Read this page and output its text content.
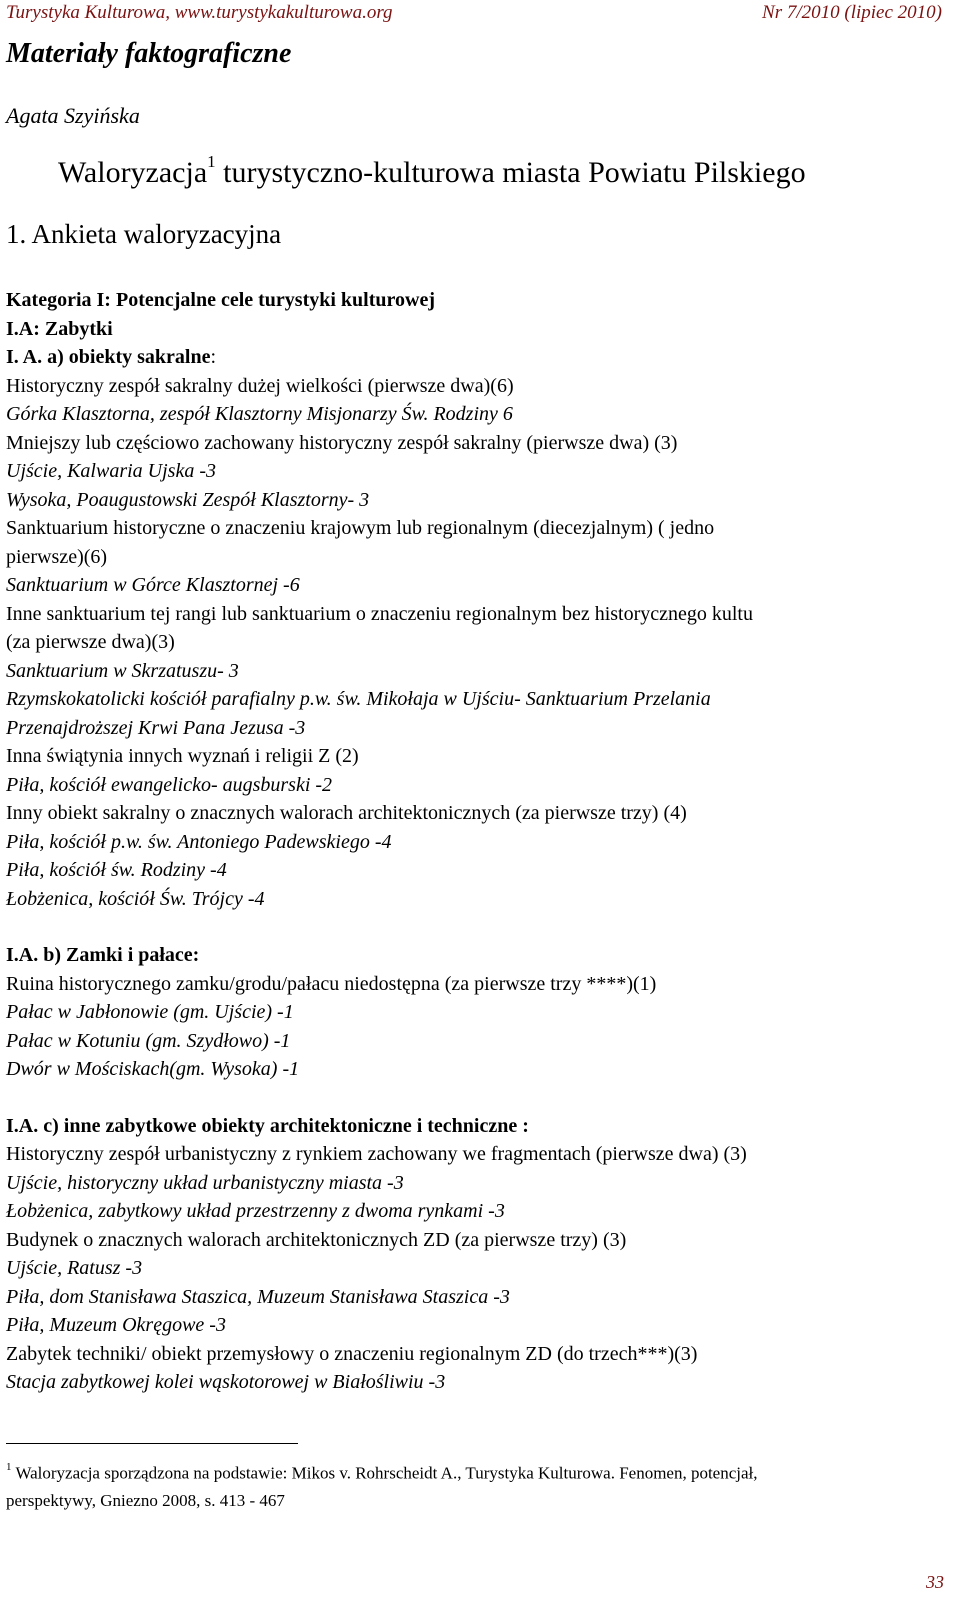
Turystyka Kulturowa, www.turystykakulturowa.org	Nr 7/2010 (lipiec 2010)
Materiały faktograficzne
Agata Szyińska
Waloryzacja$^1$ turystyczno-kulturowa miasta Powiatu Pilskiego
1. Ankieta waloryzacyjna
Kategoria I: Potencjalne cele turystyki kulturowej
I.A: Zabytki
I. A. a) obiekty sakralne:
Historyczny zespół sakralny dużej wielkości (pierwsze dwa)(6)
Górka Klasztorna, zespół Klasztorny Misjonarzy Św. Rodziny 6
Mniejszy lub częściowo zachowany historyczny zespół sakralny (pierwsze dwa) (3)
Ujście, Kalwaria Ujska -3
Wysoka, Poaugustowski Zespół Klasztorny- 3
Sanktuarium historyczne o znaczeniu krajowym lub regionalnym (diecezjalnym) ( jedno
pierwsze)(6)
Sanktuarium w Górce Klasztornej -6
Inne sanktuarium tej rangi lub sanktuarium o znaczeniu regionalnym bez historycznego kultu
(za pierwsze dwa)(3)
Sanktuarium w Skrzatuszu- 3
Rzymskokatolicki kościół parafialny p.w. św. Mikołaja w Ujściu- Sanktuarium Przelania
Przenajdroższej Krwi Pana Jezusa -3
Inna świątynia innych wyznań i religii Z (2)
Piła, kościół ewangelicko- augsburski -2
Inny obiekt sakralny o znacznych walorach architektonicznych (za pierwsze trzy) (4)
Piła, kościół p.w. św. Antoniego Padewskiego -4
Piła, kościół św. Rodziny -4
Łobżenica, kościół Św. Trójcy -4
I.A. b) Zamki i pałace:
Ruina historycznego zamku/grodu/pałacu niedostępna (za pierwsze trzy ****)(1)
Pałac w Jabłonowie (gm. Ujście) -1
Pałac w Kotuniu (gm. Szydłowo) -1
Dwór w Mościskach(gm. Wysoka) -1
I.A. c) inne zabytkowe obiekty architektoniczne i techniczne :
Historyczny zespół urbanistyczny z rynkiem zachowany we fragmentach (pierwsze dwa) (3)
Ujście, historyczny układ urbanistyczny miasta -3
Łobżenica, zabytkowy układ przestrzenny z dwoma rynkami -3
Budynek o znacznych walorach architektonicznych ZD (za pierwsze trzy) (3)
Ujście, Ratusz -3
Piła, dom Stanisława Staszica, Muzeum Stanisława Staszica -3
Piła, Muzeum Okręgowe -3
Zabytek techniki/ obiekt przemysłowy o znaczeniu regionalnym ZD (do trzech***)(3)
Stacja zabytkowej kolei wąskotorowej w Białośliwiu -3
$^1$ Waloryzacja sporządzona na podstawie: Mikos v. Rohrscheidt A., Turystyka Kulturowa. Fenomen, potencjał,
perspektywy, Gniezno 2008, s. 413 - 467
33
